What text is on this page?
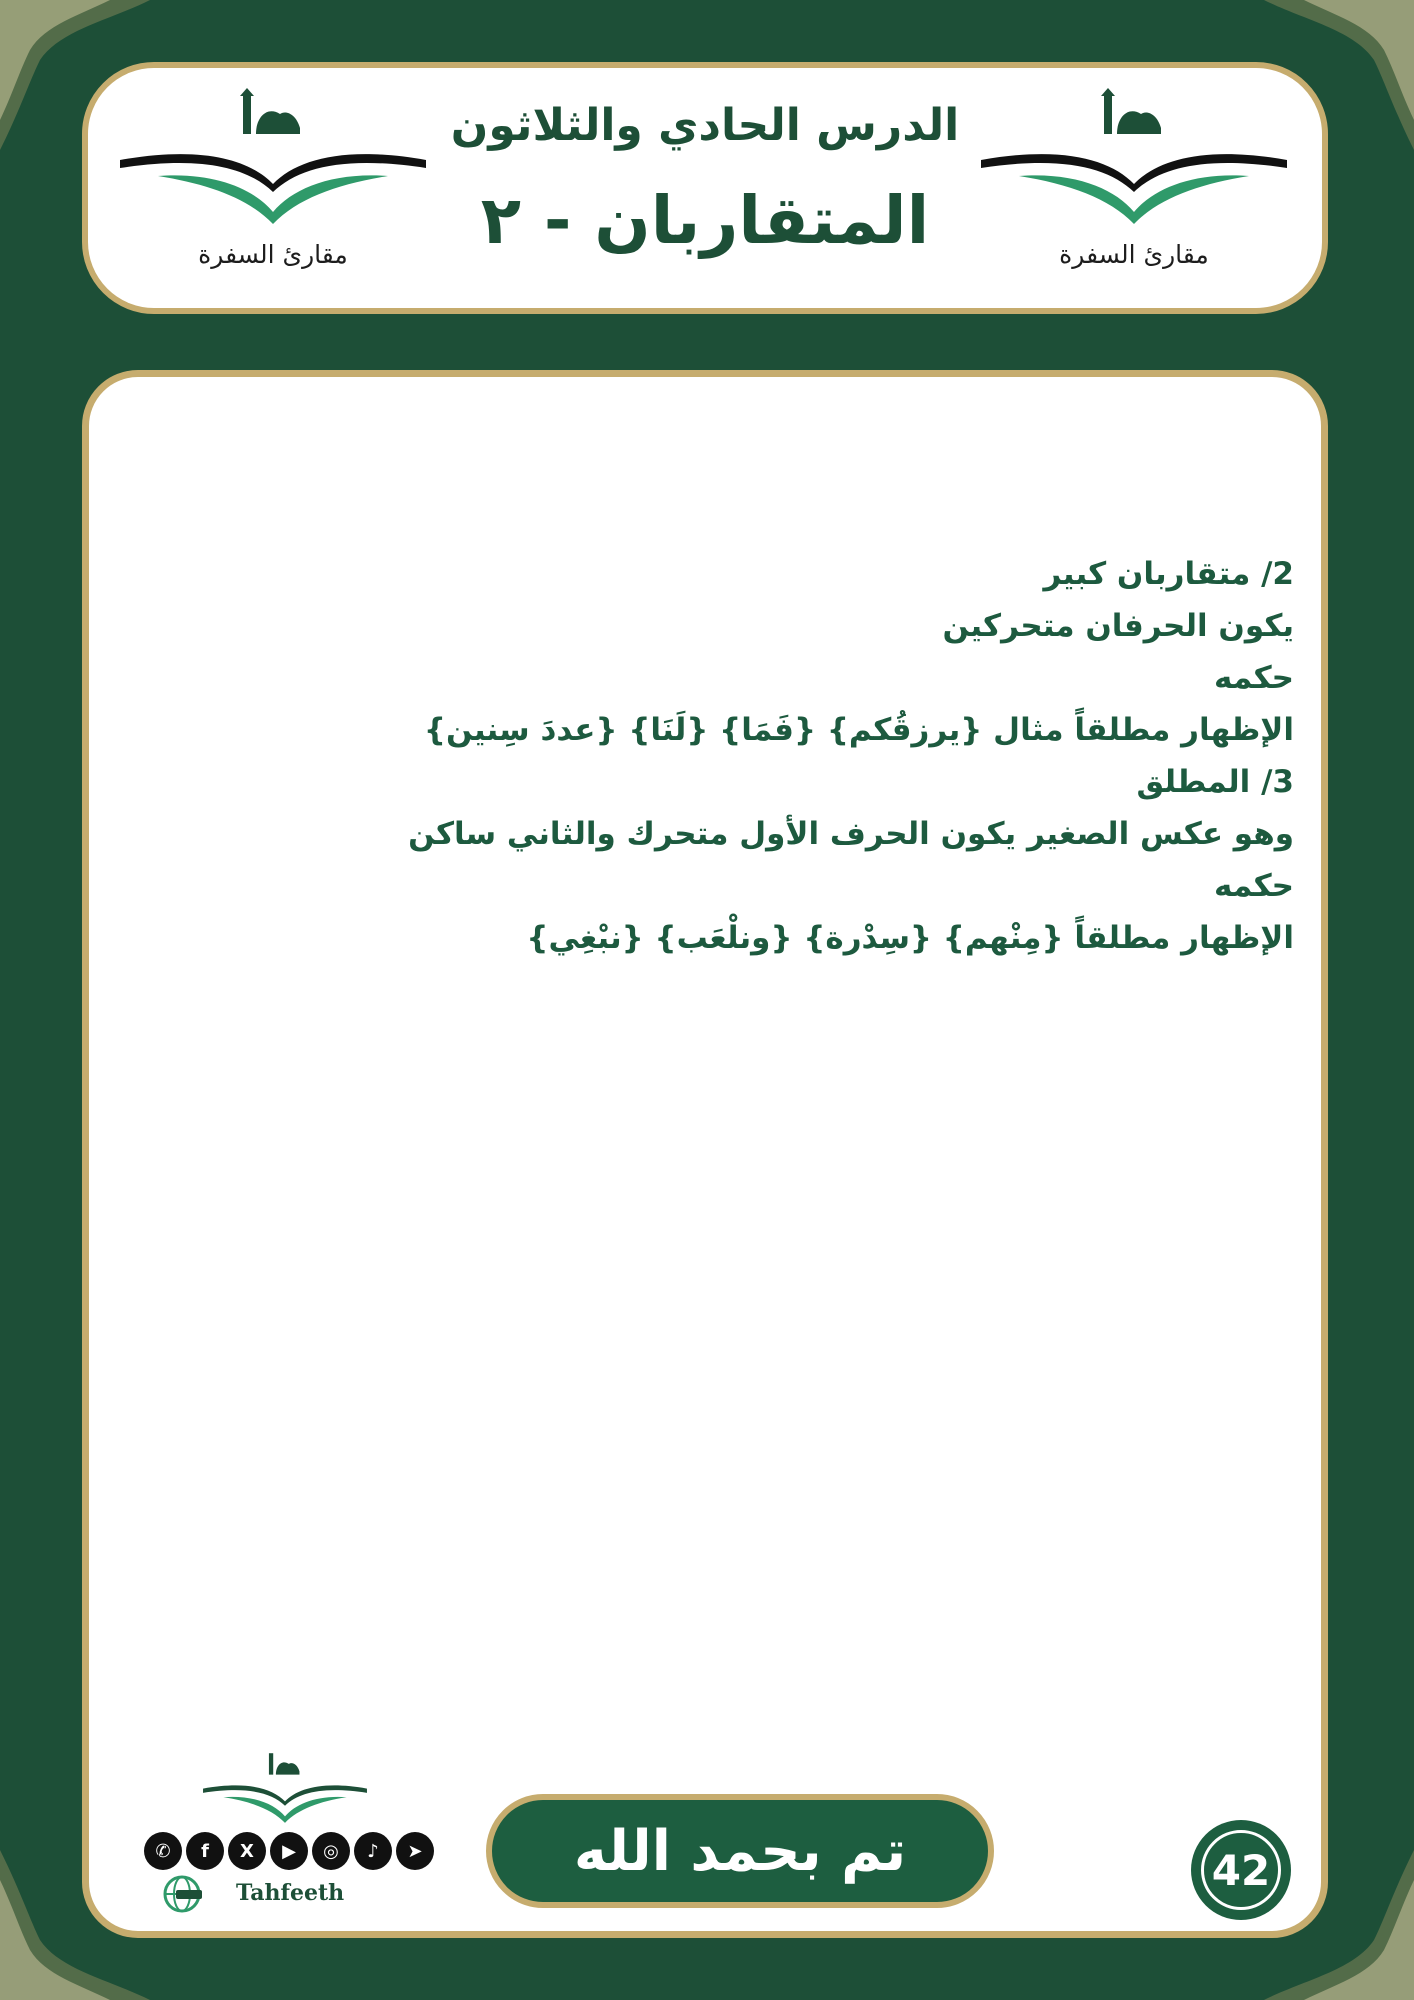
مقارئ السفرة	مقارئ السفرة
الدرس الحادي والثلاثون
المتقاربان - ٢
2/ متقاربان كبير
يكون الحرفان متحركين
حكمه
الإظهار مطلقاً مثال {يرزقُكم} {فَمَا} {لَنَا} {عددَ سِنين}
3/ المطلق
وهو عكس الصغير يكون الحرف الأول متحرك والثاني ساكن
حكمه
الإظهار مطلقاً {مِنْهم} {سِدْرة} {ونلْعَب} {نبْغِي}
✆	f	X	▶	◎	♪	➤
Tahfeeth
تم بحمد الله	42
